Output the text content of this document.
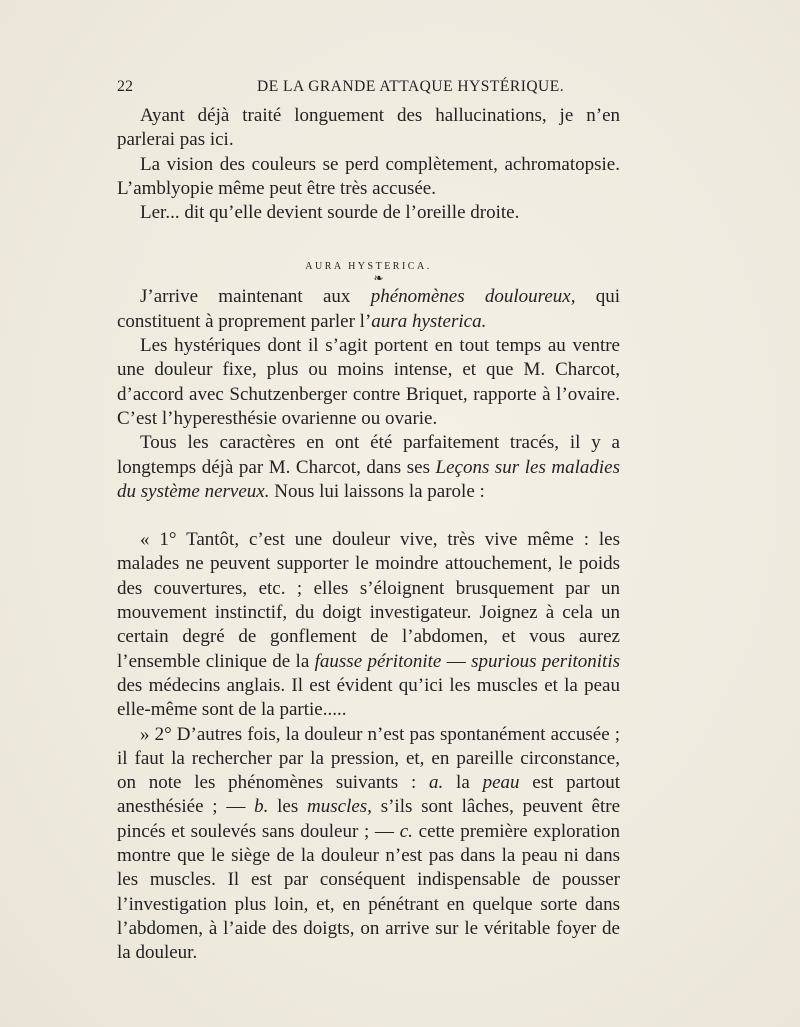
22	DE LA GRANDE ATTAQUE HYSTÉRIQUE.

Ayant déjà traité longuement des hallucinations, je n’en parlerai pas ici.

La vision des couleurs se perd complètement, achromatopsie. L’amblyopie même peut être très accusée.

Ler... dit qu’elle devient sourde de l’oreille droite.

AURA HYSTERICA.

❧

J’arrive maintenant aux phénomènes douloureux, qui constituent à proprement parler l’aura hysterica.

Les hystériques dont il s’agit portent en tout temps au ventre une douleur fixe, plus ou moins intense, et que M. Charcot, d’accord avec Schutzenberger contre Briquet, rapporte à l’ovaire. C’est l’hyperesthésie ovarienne ou ovarie.

Tous les caractères en ont été parfaitement tracés, il y a longtemps déjà par M. Charcot, dans ses Leçons sur les maladies du système nerveux. Nous lui laissons la parole :

« 1° Tantôt, c’est une douleur vive, très vive même : les malades ne peuvent supporter le moindre attouchement, le poids des couvertures, etc. ; elles s’éloignent brusquement par un mouvement instinctif, du doigt investigateur. Joignez à cela un certain degré de gonflement de l’abdomen, et vous aurez l’ensemble clinique de la fausse péritonite — spurious peritonitis des médecins anglais. Il est évident qu’ici les muscles et la peau elle-même sont de la partie.....

» 2° D’autres fois, la douleur n’est pas spontanément accusée ; il faut la rechercher par la pression, et, en pareille circonstance, on note les phénomènes suivants : a. la peau est partout anesthésiée ; — b. les muscles, s’ils sont lâches, peuvent être pincés et soulevés sans douleur ; — c. cette première exploration montre que le siège de la douleur n’est pas dans la peau ni dans les muscles. Il est par conséquent indispensable de pousser l’investigation plus loin, et, en pénétrant en quelque sorte dans l’abdomen, à l’aide des doigts, on arrive sur le véritable foyer de la douleur.
